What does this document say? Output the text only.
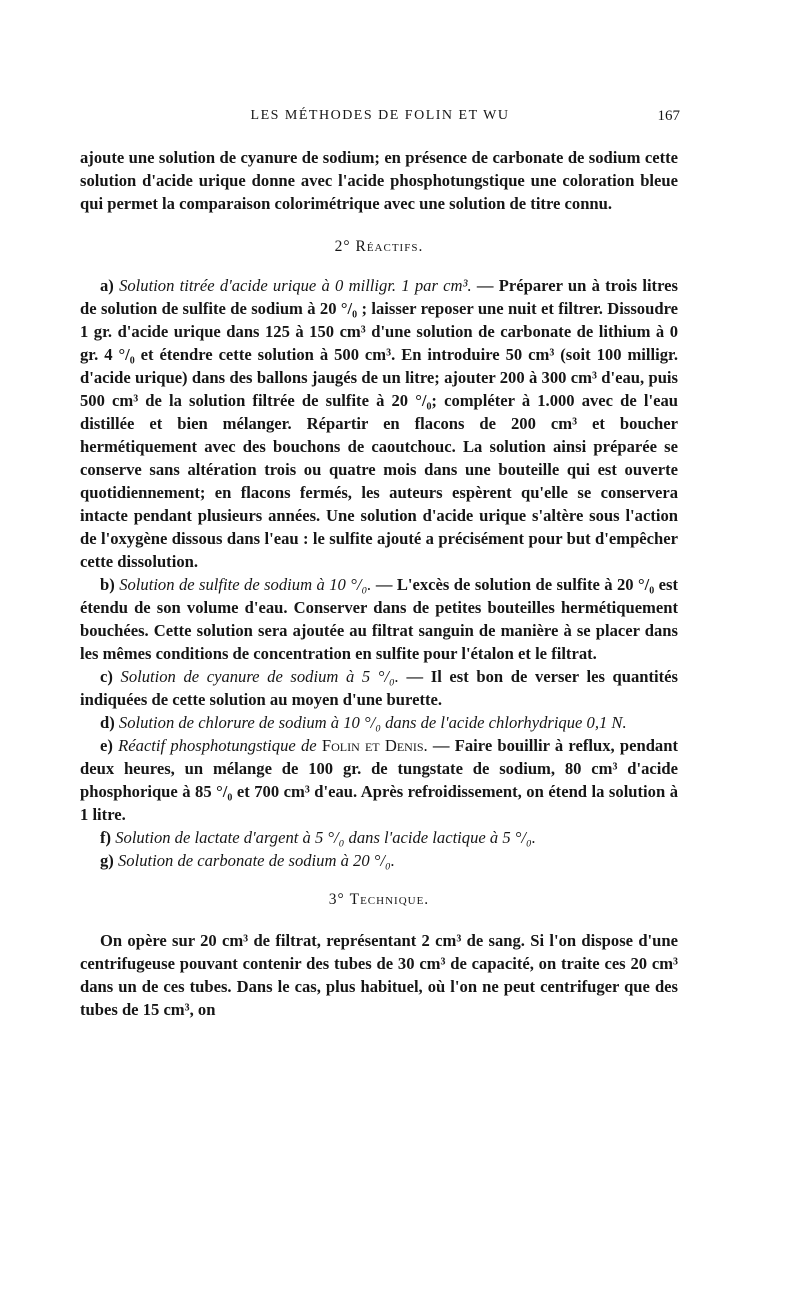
LES MÉTHODES DE FOLIN ET WU	167

ajoute une solution de cyanure de sodium; en présence de carbonate de sodium cette solution d'acide urique donne avec l'acide phosphotungstique une coloration bleue qui permet la comparaison colorimétrique avec une solution de titre connu.

2° Réactifs.

a) Solution titrée d'acide urique à 0 milligr. 1 par cm³. — Préparer un à trois litres de solution de sulfite de sodium à 20 °/₀ ; laisser reposer une nuit et filtrer. Dissoudre 1 gr. d'acide urique dans 125 à 150 cm³ d'une solution de carbonate de lithium à 0 gr. 4 °/₀ et étendre cette solution à 500 cm³. En introduire 50 cm³ (soit 100 milligr. d'acide urique) dans des ballons jaugés de un litre; ajouter 200 à 300 cm³ d'eau, puis 500 cm³ de la solution filtrée de sulfite à 20 °/₀; compléter à 1.000 avec de l'eau distillée et bien mélanger. Répartir en flacons de 200 cm³ et boucher hermétiquement avec des bouchons de caoutchouc. La solution ainsi préparée se conserve sans altération trois ou quatre mois dans une bouteille qui est ouverte quotidiennement; en flacons fermés, les auteurs espèrent qu'elle se conservera intacte pendant plusieurs années. Une solution d'acide urique s'altère sous l'action de l'oxygène dissous dans l'eau : le sulfite ajouté a précisément pour but d'empêcher cette dissolution.

b) Solution de sulfite de sodium à 10 °/₀. — L'excès de solution de sulfite à 20 °/₀ est étendu de son volume d'eau. Conserver dans de petites bouteilles hermétiquement bouchées. Cette solution sera ajoutée au filtrat sanguin de manière à se placer dans les mêmes conditions de concentration en sulfite pour l'étalon et le filtrat.

c) Solution de cyanure de sodium à 5 °/₀. — Il est bon de verser les quantités indiquées de cette solution au moyen d'une burette.

d) Solution de chlorure de sodium à 10 °/₀ dans de l'acide chlorhydrique 0,1 N.

e) Réactif phosphotungstique de Folin et Denis. — Faire bouillir à reflux, pendant deux heures, un mélange de 100 gr. de tungstate de sodium, 80 cm³ d'acide phosphorique à 85 °/₀ et 700 cm³ d'eau. Après refroidissement, on étend la solution à 1 litre.

f) Solution de lactate d'argent à 5 °/₀ dans l'acide lactique à 5 °/₀.

g) Solution de carbonate de sodium à 20 °/₀.

3° Technique.

On opère sur 20 cm³ de filtrat, représentant 2 cm³ de sang. Si l'on dispose d'une centrifugeuse pouvant contenir des tubes de 30 cm³ de capacité, on traite ces 20 cm³ dans un de ces tubes. Dans le cas, plus habituel, où l'on ne peut centrifuger que des tubes de 15 cm³, on
